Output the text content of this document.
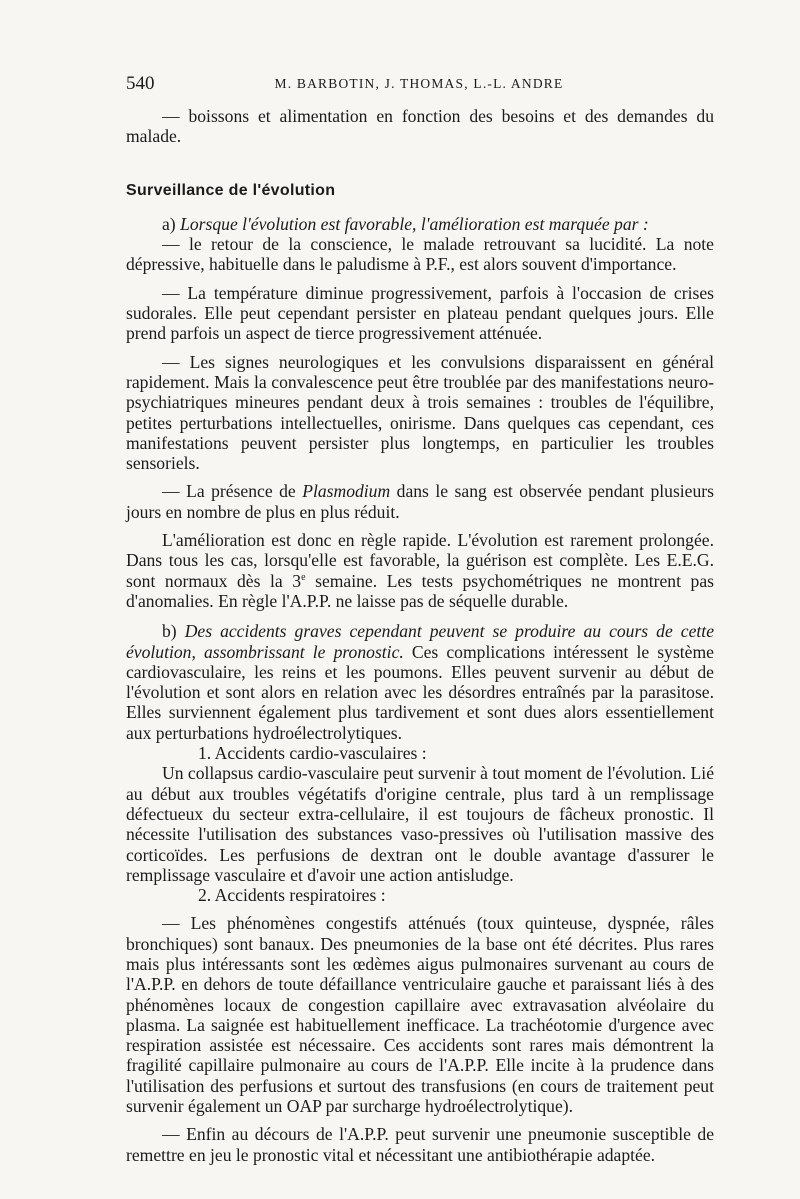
540	M. BARBOTIN, J. THOMAS, L.-L. ANDRE

— boissons et alimentation en fonction des besoins et des demandes du malade.

Surveillance de l'évolution

a) Lorsque l'évolution est favorable, l'amélioration est marquée par :

— le retour de la conscience, le malade retrouvant sa lucidité. La note dépressive, habituelle dans le paludisme à P.F., est alors souvent d'importance.

— La température diminue progressivement, parfois à l'occasion de crises sudorales. Elle peut cependant persister en plateau pendant quelques jours. Elle prend parfois un aspect de tierce progressivement atténuée.

— Les signes neurologiques et les convulsions disparaissent en général rapidement. Mais la convalescence peut être troublée par des manifestations neuro-psychiatriques mineures pendant deux à trois semaines : troubles de l'équilibre, petites perturbations intellectuelles, onirisme. Dans quelques cas cependant, ces manifestations peuvent persister plus longtemps, en particulier les troubles sensoriels.

— La présence de Plasmodium dans le sang est observée pendant plusieurs jours en nombre de plus en plus réduit.

L'amélioration est donc en règle rapide. L'évolution est rarement prolongée. Dans tous les cas, lorsqu'elle est favorable, la guérison est complète. Les E.E.G. sont normaux dès la 3e semaine. Les tests psychométriques ne montrent pas d'anomalies. En règle l'A.P.P. ne laisse pas de séquelle durable.

b) Des accidents graves cependant peuvent se produire au cours de cette évolution, assombrissant le pronostic. Ces complications intéressent le système cardiovasculaire, les reins et les poumons. Elles peuvent survenir au début de l'évolution et sont alors en relation avec les désordres entraînés par la parasitose. Elles surviennent également plus tardivement et sont dues alors essentiellement aux perturbations hydroélectrolytiques.

1. Accidents cardio-vasculaires :

Un collapsus cardio-vasculaire peut survenir à tout moment de l'évolution. Lié au début aux troubles végétatifs d'origine centrale, plus tard à un remplissage défectueux du secteur extra-cellulaire, il est toujours de fâcheux pronostic. Il nécessite l'utilisation des substances vaso-pressives où l'utilisation massive des corticoïdes. Les perfusions de dextran ont le double avantage d'assurer le remplissage vasculaire et d'avoir une action antisludge.

2. Accidents respiratoires :

— Les phénomènes congestifs atténués (toux quinteuse, dyspnée, râles bronchiques) sont banaux. Des pneumonies de la base ont été décrites. Plus rares mais plus intéressants sont les œdèmes aigus pulmonaires survenant au cours de l'A.P.P. en dehors de toute défaillance ventriculaire gauche et paraissant liés à des phénomènes locaux de congestion capillaire avec extravasation alvéolaire du plasma. La saignée est habituellement inefficace. La trachéotomie d'urgence avec respiration assistée est nécessaire. Ces accidents sont rares mais démontrent la fragilité capillaire pulmonaire au cours de l'A.P.P. Elle incite à la prudence dans l'utilisation des perfusions et surtout des transfusions (en cours de traitement peut survenir également un OAP par surcharge hydroélectrolytique).

— Enfin au décours de l'A.P.P. peut survenir une pneumonie susceptible de remettre en jeu le pronostic vital et nécessitant une antibiothérapie adaptée.
